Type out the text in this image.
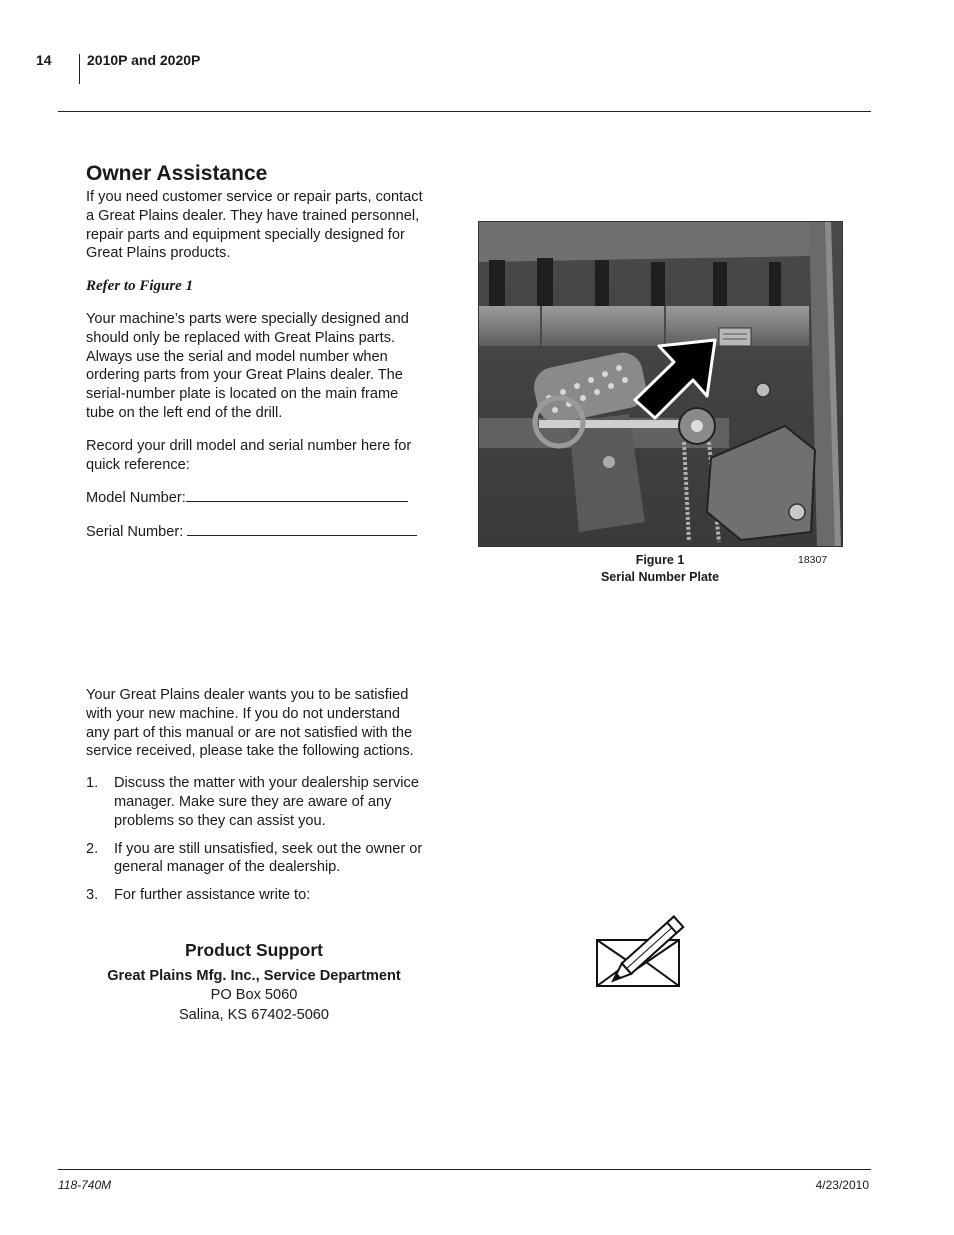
14	2010P and 2020P
Owner Assistance

If you need customer service or repair parts, contact a Great Plains dealer. They have trained personnel, repair parts and equipment specially designed for Great Plains products.

Refer to Figure 1

Your machine’s parts were specially designed and should only be replaced with Great Plains parts. Always use the serial and model number when ordering parts from your Great Plains dealer. The serial-number plate is located on the main frame tube on the left end of the drill.

Record your drill model and serial number here for quick reference:

Model Number:

Serial Number:

Your Great Plains dealer wants you to be satisfied with your new machine. If you do not understand any part of this manual or are not satisfied with the service received, please take the following actions.

1. Discuss the matter with your dealership service manager. Make sure they are aware of any problems so they can assist you.
2. If you are still unsatisfied, seek out the owner or general manager of the dealership.
3. For further assistance write to:
Product Support
Great Plains Mfg. Inc., Service Department
PO Box 5060
Salina, KS 67402-5060
Figure 1
Serial Number Plate
18307
118-740M	4/23/2010
